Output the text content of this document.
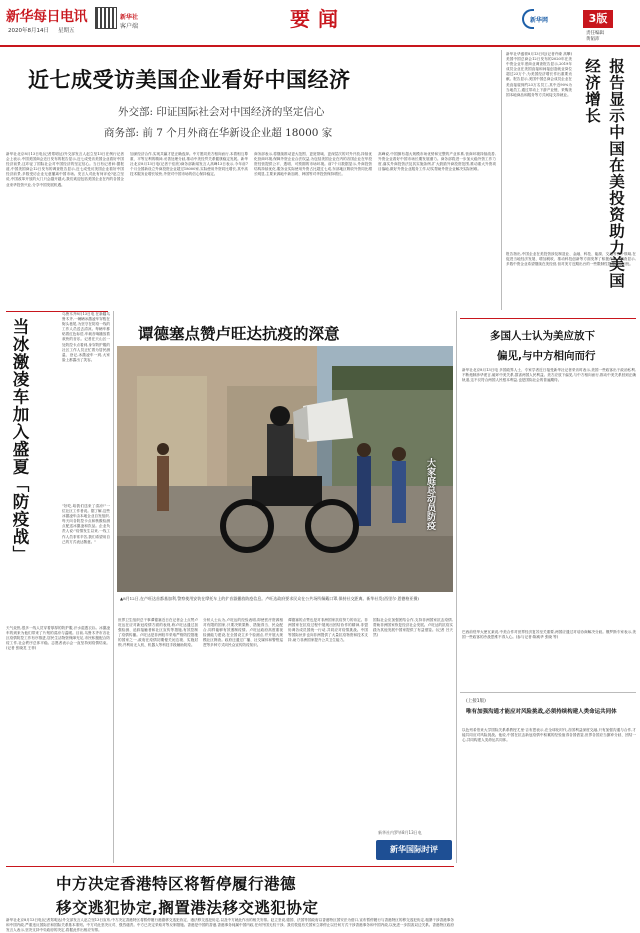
新华每日电讯
2020年8月14日 星期五
新华社
客户端	要闻	新华网	3版
责任编辑
黄韬沛
近七成受访美国企业看好中国经济
外交部: 印证国际社会对中国经济的坚定信心
商务部: 前 7 个月外商在华新设企业超 18000 家
新华社北京8月13日电(记者郑明达)外交部发言人赵立坚13日在例行记者会上表示,中国美国商会近日发布的报告显示,近七成受访美国企业看好中国经济前景,这印证了国际社会对中国经济的坚定信心。当日有记者问:据报道,中国美国商会12日发布的调查报告显示,近七成受访美国企业看好中国经济前景,多数受访企业无意撤离中国市场。发言人对此有何评论?赵立坚说,中国改革开放的大门只会越开越大,我们欢迎包括美国企业在内的各国企业来华投资兴业,分享中国发展机遇。
加深经济合作,实现共赢才是正确选择。中方愿同美方相向而行,本着相互尊重、平等互利的精神,妥善处理分歧,推动中美经贸关系健康稳定发展。新华社北京8月13日电(记者于佳欣)商务部新闻发言人高峰13日表示,今年前7个月全国新设立外商投资企业超过18000家,实际使用外资同比增长,其中高技术服务业增长较快,外资对中国市场的信心保持稳定。
商务部表示,将继续推动更大范围、更宽领域、更深层次的对外开放,持续优化营商环境,保障外资企业合法权益,为包括美国企业在内的各国企业在华投资经营提供公平、透明、可预期的市场环境。前7个月数据显示,外商投资结构持续优化,服务业实际使用外资占比超过七成,东部地区吸收外资同比增长明显,主要来源地中新加坡、韩国等对华投资保持增长。
高峰说,中国拥有超大规模市场优势和完整的产业体系,营商环境持续改善,外资企业看好中国市场长期发展潜力。商务部将进一步加大稳外资工作力度,落实外商投资法及其实施条例,扩大鼓励外商投资范围,推动重大外资项目落地,做好外资企业服务工作,切实帮助外资企业解决实际困难。
当冰激凌车加入盛夏「防疫战」
乌鲁木齐8月13日电 在新疆乌鲁木齐,一辆辆冰激凌车穿梭在街头巷尾,为坚守在防疫一线的工作人员送去清凉。每辆车都贴着红色标语,车载音响播放着欢快的音乐。记者在天山区一处防控卡点看到,身穿防护服的社区工作人员正忙着为居民测温、登记,冰激凌车一到,大家脸上都露出了笑容。
"好吃,给我们送来了清凉!"一位社区工作者说。据了解,这些冰激凌车由本地企业自发组织,每天向各防控卡点和核酸检测点配送冰激凌和饮品。企业负责人说:"疫情发生以来,一线工作人员非常辛苦,我们希望用自己的方式表达敬意。"
天气炎热,很多一线人员穿着厚厚的防护服,汗水湿透衣衫。冰激凌车的到来为他们带来了片刻的清凉与温暖。目前,乌鲁木齐市各社区疫情防控工作有序推进,居民生活物资保障充足,市民积极配合防疫工作,社会秩序总体平稳。志愿者表示会一直坚持到疫情结束。(记者 张晓龙 王菲)
谭德塞点赞卢旺达抗疫的深意
大家庭总动员防疫
▲8月12日,在卢旺达首都基加利,警察使用安装在摩托车上的扩音器播放防疫信息。卢旺达政府要求民众在公共场所佩戴口罩,保持社交距离。新华社发(西里尔·恩德格亚摄)
世界卫生组织总干事谭德塞近日在记者会上点赞卢旺达在应对新冠疫情方面的表现,称卢旺达通过加强检测、追踪接触者和社区宣传等措施,有效控制了疫情传播。卢旺达是非洲较早采取严格防控措施的国家之一,政府在疫情初期便关闭边境、实施封锁,并利用无人机、机器人等科技手段辅助防疫。
分析人士认为,卢旺达的经验表明,即使医疗资源相对有限的国家,只要决策果断、措施得当、民众配合,同样能够有效遏制疫情。卢旺达政府高度重视检测能力建设,在全国设立多个检测点,并开展大规模社区筛查。政府还通过广播、社交媒体和警察巡逻等多种方式向民众宣传防疫知识。
谭德塞的点赞也是对非洲国家抗疫努力的肯定。非洲国家在抗疫过程中展现出团结协作的精神,非盟协调各成员国统一行动,共同应对疫情挑战。中国等国际伙伴也向非洲提供了大量抗疫物资和技术支持,助力非洲国家提升公共卫生能力。
国际社会应加强团结合作,支持非洲国家抗击疫情,帮助非洲国家恢复经济社会发展。卢旺达的抗疫实践为其他发展中国家提供了有益借鉴。(记者 吕天然)
新华社内罗毕8月13日电
新华国际时评
新华社华盛顿8月13日电(记者许缘 高攀)美国中国总商会12日发布的2020年在美中资企业年度商业调查报告显示,2019年成员企业在美国直接和间接创造就业岗位超过23万个,为美国经济增长作出重要贡献。报告显示,美国中国总商会成员企业在美直接雇佣约23万名员工,其中近90%为当地员工,通过带动上下游产业链、采购美国本地商品和服务等方式间接支持就业。	报告显示中国在美投资助力美国经济增长
报告指出,中国企业在美投资涉及制造业、金融、科技、能源、交通等多个领域,在促进当地经济发展、增加税收、推动科技创新等方面发挥了积极作用。调查显示,多数中资企业希望继续在美经营,但对美方近期出台的一些限制性措施表示担忧。
多国人士认为美应放下
偏见,与中方相向而行
新华社北京8月13日电 多国政界人士、专家学者近日接受新华社记者采访时表示,美国一些政客出于政治私利,不断炮制涉华谎言,破坏中美关系,损害两国人民利益。美方应放下偏见,与中方相向而行,推动中美关系回到正确轨道,这不仅符合两国人民根本利益,也是国际社会的普遍期待。
巴西前驻华大使瓦莱说,中美合作对世界经济复苏至关重要,两国应通过对话协商解决分歧。俄罗斯专家表示,美国一些政客的冷战思维不得人心。(参与记者:陈威华 张晓 等)
(上接1版)
唯有加强沟通才能应对风险挑战,必须持续构建人类命运共同体
以色列希伯来大学国际关系系教授尤里·吉布恩表示,在全球化时代,各国利益深度交融,只有加强沟通与合作,才能共同应对风险挑战。他说,中国在抗击新冠疫情中积累的经验值得各国借鉴,世界各国应当摒弃分歧、团结一心,共同构建人类命运共同体。
中方决定香港特区将暂停履行港德
移交逃犯协定,搁置港法移交逃犯协定
新华社北京8月13日电(记者郑明达)外交部发言人赵立坚13日宣布,中方决定香港特区将暂停履行港德移交逃犯协定、港法移交逃犯协定,以及中方就此作出的相关安排。赵立坚说,德国、法国等国政府以香港特区国安法为借口,宣布暂停履行与香港特区的移交逃犯协定,粗暴干涉香港事务和中国内政,严重违反国际法和国际关系基本准则。中方对此坚决反对、强烈谴责。中方已决定采取对等反制措施。香港是中国的香港,香港事务纯属中国内政,任何外国无权干涉。我们敦促有关国家立即停止以任何方式干涉香港事务和中国内政,以免进一步损害双边关系。香港特区政府发言人表示,坚决支持中央政府的决定,将据此作出相应安排。
